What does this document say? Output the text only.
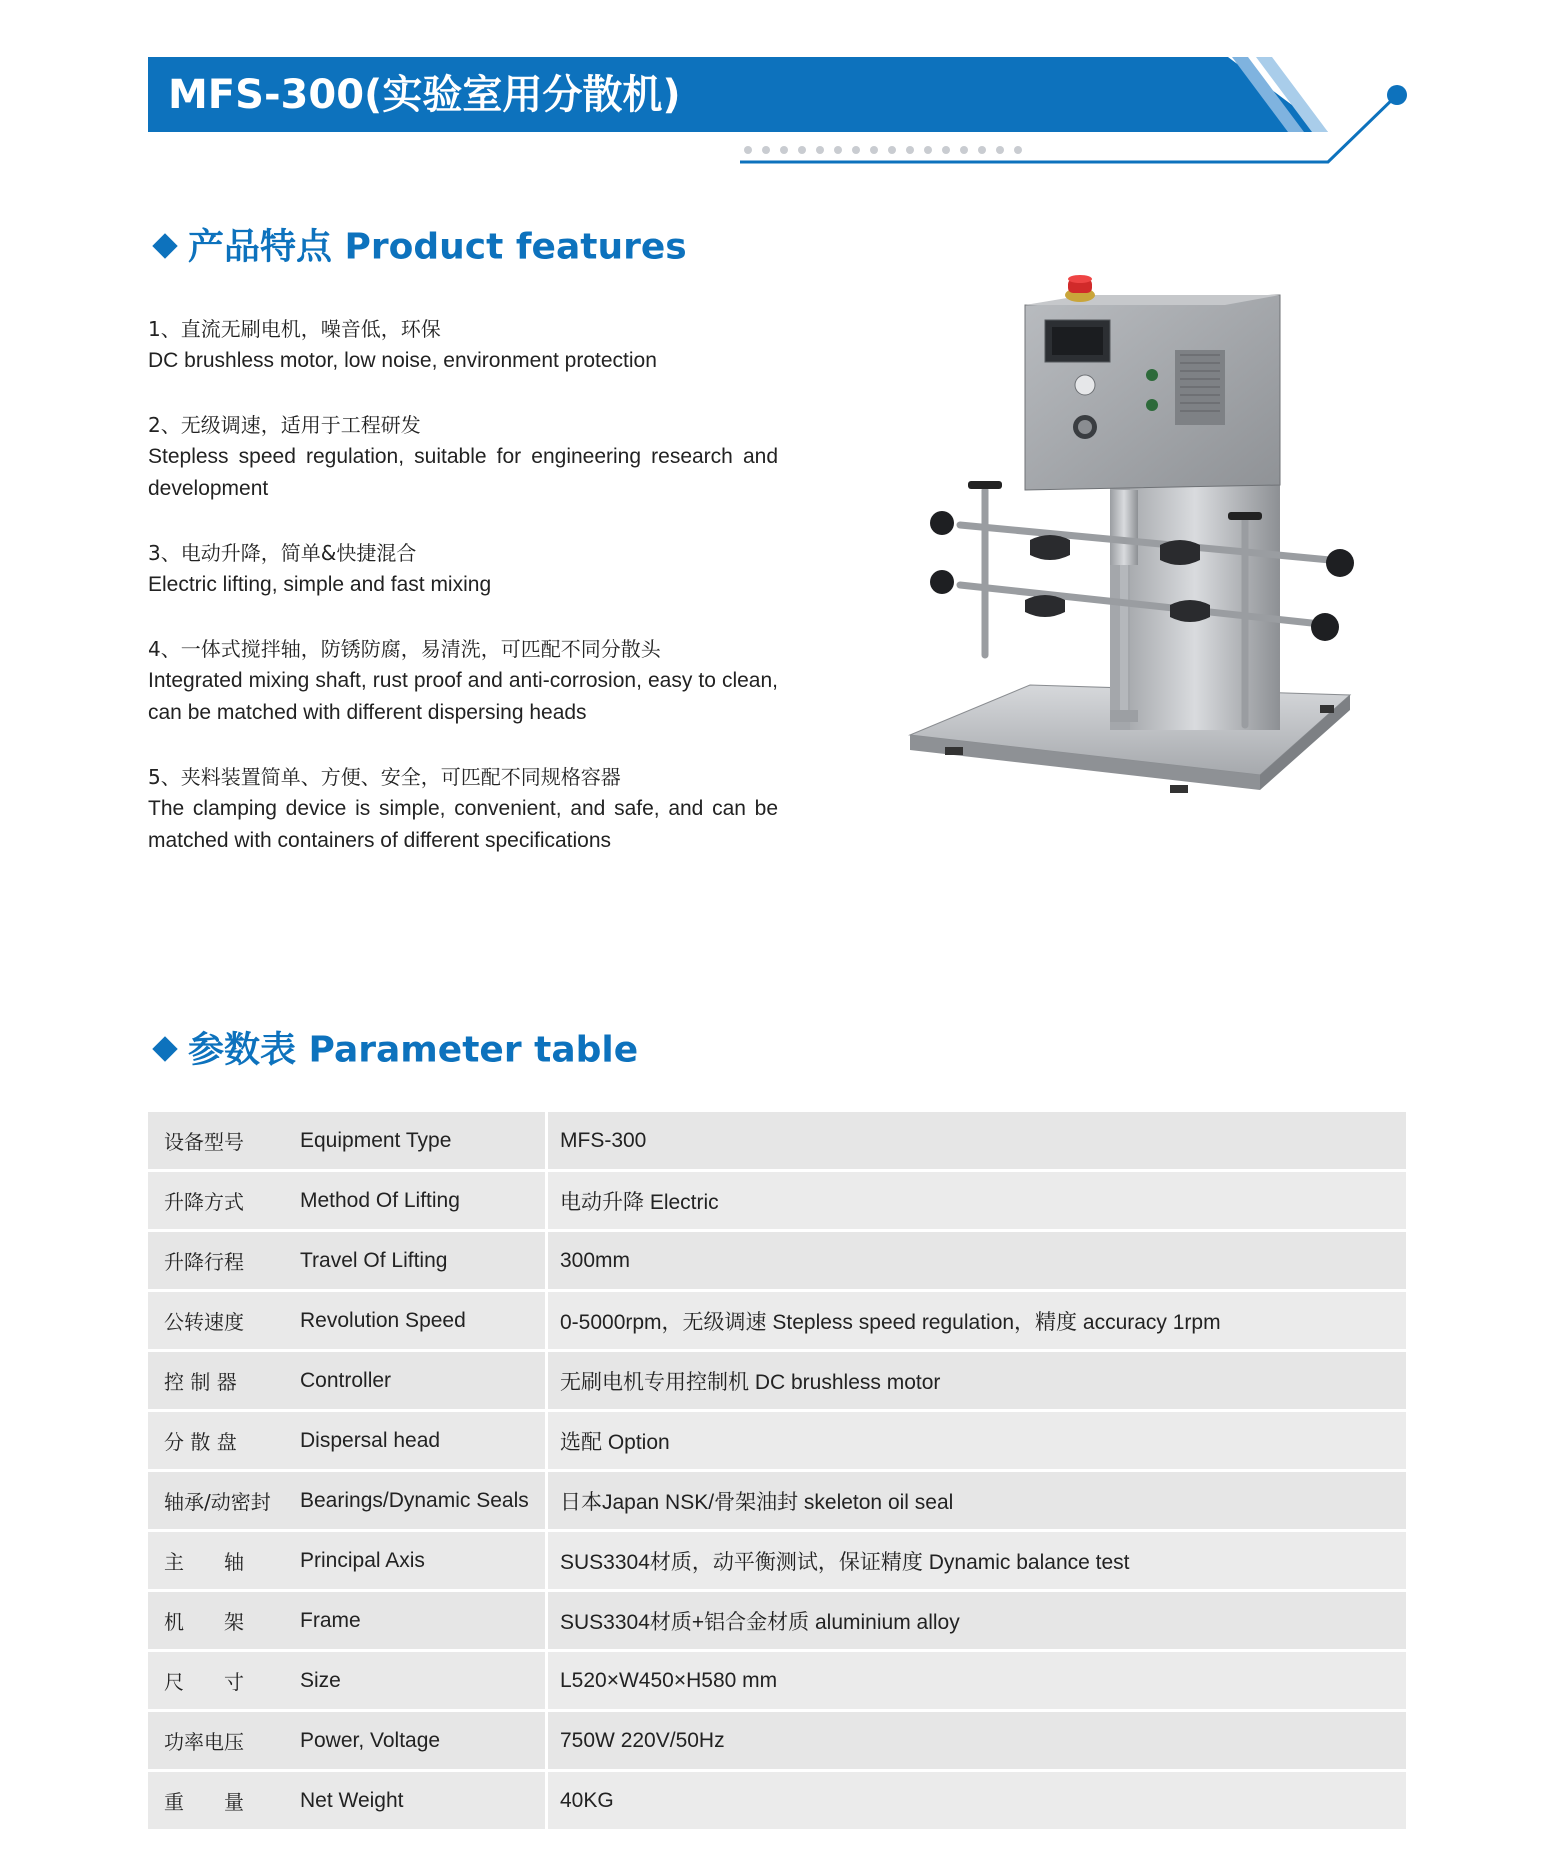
MFS-300(实验室用分散机)
产品特点 Product features
1、直流无刷电机，噪音低，环保
DC brushless motor, low noise, environment protection
2、无级调速，适用于工程研发
Stepless speed regulation, suitable for engineering research and development
3、电动升降，简单&快捷混合
Electric lifting, simple and fast mixing
4、一体式搅拌轴，防锈防腐，易清洗，可匹配不同分散头
Integrated mixing shaft, rust proof and anti-corrosion, easy to clean, can be matched with different dispersing heads
5、夹料装置简单、方便、安全，可匹配不同规格容器
The clamping device is simple, convenient, and safe, and can be matched with containers of different specifications
参数表 Parameter table
设备型号	Equipment Type	MFS-300
升降方式	Method Of Lifting	电动升降 Electric
升降行程	Travel Of Lifting	300mm
公转速度	Revolution Speed	0-5000rpm，无级调速 Stepless speed regulation，精度 accuracy 1rpm
控 制 器	Controller	无刷电机专用控制机 DC brushless motor
分 散 盘	Dispersal head	选配 Option
轴承/动密封	Bearings/Dynamic Seals	日本Japan NSK/骨架油封 skeleton oil seal
主　　轴	Principal Axis	SUS3304材质，动平衡测试，保证精度 Dynamic balance test
机　　架	Frame	SUS3304材质+铝合金材质 aluminium alloy
尺　　寸	Size	L520×W450×H580 mm
功率电压	Power, Voltage	750W 220V/50Hz
重　　量	Net Weight	40KG
